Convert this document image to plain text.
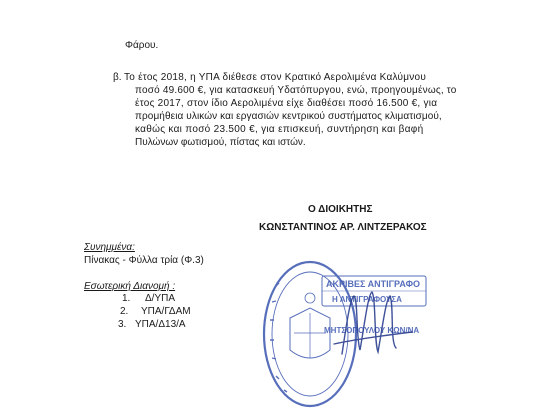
Φάρου.
β. Το έτος 2018, η ΥΠΑ διέθεσε στον Κρατικό Αερολιμένα Καλύμνου
ποσό 49.600 €, για κατασκευή Υδατόπυργου, ενώ, προηγουμένως, το
έτος 2017, στον ίδιο Αερολιμένα είχε διαθέσει ποσό 16.500 €, για
προμήθεια υλικών και εργασιών κεντρικού συστήματος κλιματισμού,
καθώς και ποσό 23.500 €, για επισκευή, συντήρηση και βαφή
Πυλώνων φωτισμού, πίστας και ιστών.
Ο ΔΙΟΙΚΗΤΗΣ
ΚΩΝΣΤΑΝΤΙΝΟΣ ΑΡ. ΛΙΝΤΖΕΡΑΚΟΣ
Συνημμένα:
Πίνακας - Φύλλα τρία (Φ.3)
Εσωτερική Διανομή :
1. Δ/ΥΠΑ
2. ΥΠΑ/ΓΔΑΜ
3. ΥΠΑ/Δ13/Α
ΑΚΡΙΒΕΣ ΑΝΤΙΓΡΑΦΟ
Η ΑΝΤΙΓΡΑΦΟΥΣΑ
ΜΗΤΣΟΠΟΥΛΟΥ ΚΩΝ/ΝΑ
